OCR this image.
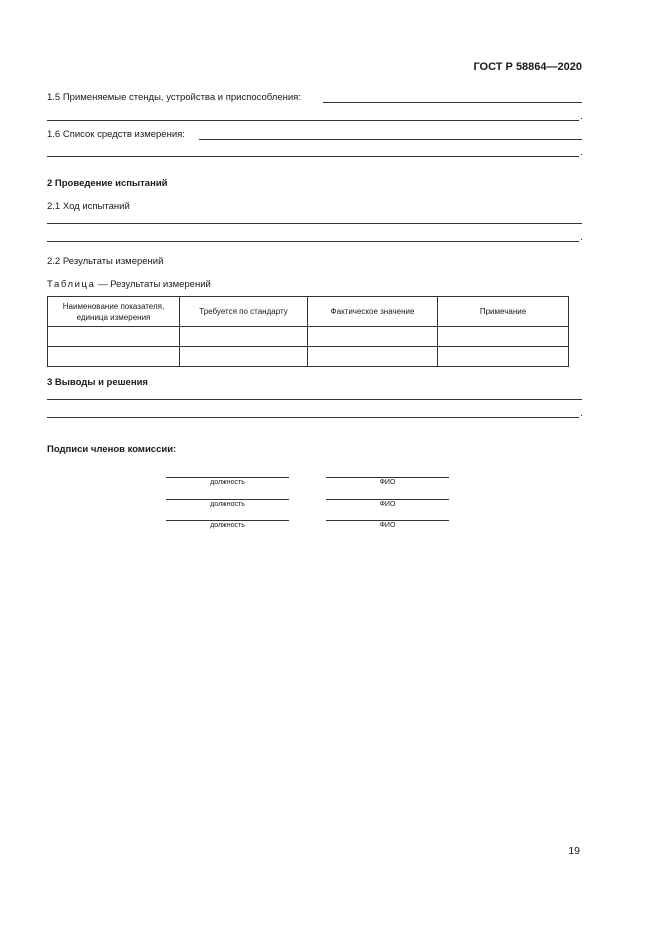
ГОСТ Р 58864—2020
1.5 Применяемые стенды, устройства и приспособления:
.
1.6 Список средств измерения:
.
2 Проведение испытаний
2.1 Ход испытаний
.
2.2 Результаты измерений
Таблица — Результаты измерений
Наименование показателя, единица измерения	Требуется по стандарту	Фактическое значение	Примечание

3 Выводы и решения
.
Подписи членов комиссии:
должность	ФИО
должность	ФИО
должность	ФИО
19
